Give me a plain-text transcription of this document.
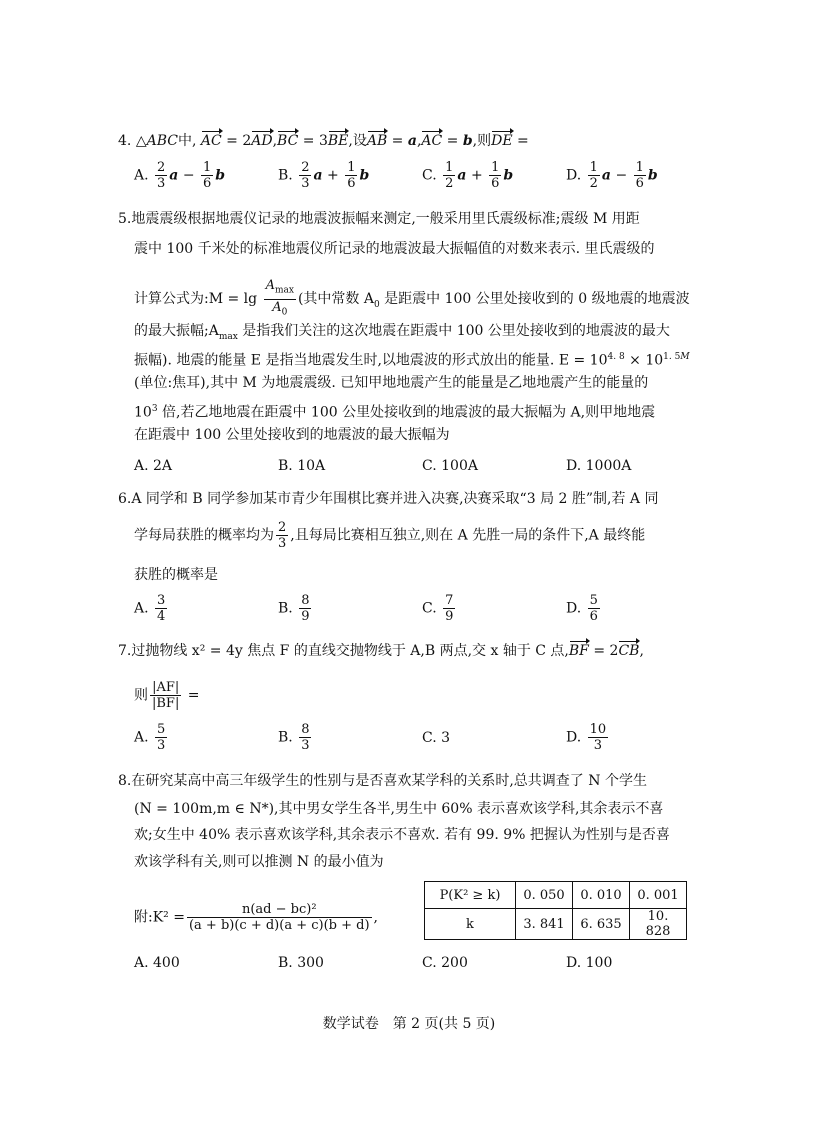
4. △ABC中, AC = 2AD,BC = 3BE,设AB = a,AC = b,则DE =
A. $\frac{2}{3}$ $a - \frac{1}{6}$ b	B. $\frac{2}{3}$ $a + \frac{1}{6}$ b	C. $\frac{1}{2}$ $a + \frac{1}{6}$ b	D. $\frac{1}{2}$ $a - \frac{1}{6}$ b
5.地震震级根据地震仪记录的地震波振幅来测定,一般采用里氏震级标准;震级 M 用距
震中 100 千米处的标准地震仪所记录的地震波最大振幅值的对数来表示. 里氏震级的
计算公式为:M = $\lg \frac{A_{max}}{A_0}$ (其中常数 $A_0$ 是距震中 100 公里处接收到的 0 级地震的地震波
的最大振幅$;A_{max}$ 是指我们关注的这次地震在距震中 100 公里处接收到的地震波的最大
振幅). 地震的能量 E 是指当地震发生时,以地震波的形式放出的能量. $E = 10^{4. 8} \times 10^{1. 5M}$
(单位:焦耳),其中 M 为地震震级. 已知甲地地震产生的能量是乙地地震产生的能量的
$10^3$ 倍,若乙地地震在距震中 100 公里处接收到的地震波的最大振幅为 A,则甲地地震
在距震中 100 公里处接收到的地震波的最大振幅为
A. 2A	B. 10A	C. 100A	D. 1000A
6.A 同学和 B 同学参加某市青少年围棋比赛并进入决赛,决赛采取“3 局 2 胜”制,若 A 同
学每局获胜的概率均为 $\frac{2}{3}$ ,且每局比赛相互独立,则在 A 先胜一局的条件下,A 最终能
获胜的概率是
A. $\frac{3}{4}$	B. $\frac{8}{9}$	C. $\frac{7}{9}$	D. $\frac{5}{6}$
7.过抛物线 x² = 4y 焦点 F 的直线交抛物线于 A,B 两点,交 x 轴于 C 点,BF = 2CB,
则 $\frac{|AF|}{|BF|}$ =
A. $\frac{5}{3}$	B. $\frac{8}{3}$	C. 3	D. $\frac{10}{3}$
8.在研究某高中高三年级学生的性别与是否喜欢某学科的关系时,总共调查了 N 个学生
(N = 100m,m ∈ N*),其中男女学生各半,男生中 60% 表示喜欢该学科,其余表示不喜
欢;女生中 40% 表示喜欢该学科,其余表示不喜欢. 若有 99. 9% 把握认为性别与是否喜
欢该学科有关,则可以推测 N 的最小值为
附:K² = $\frac{\text{n(ad − bc)²}}{(a + b)(c + d)(a + c)(b + d)}$ ,
P(K² ≥ k)	0. 050	0. 010	0. 001
k	3. 841	6. 635	10. 828
A. 400	B. 300	C. 200	D. 100
数学试卷　第 2 页(共 5 页)
